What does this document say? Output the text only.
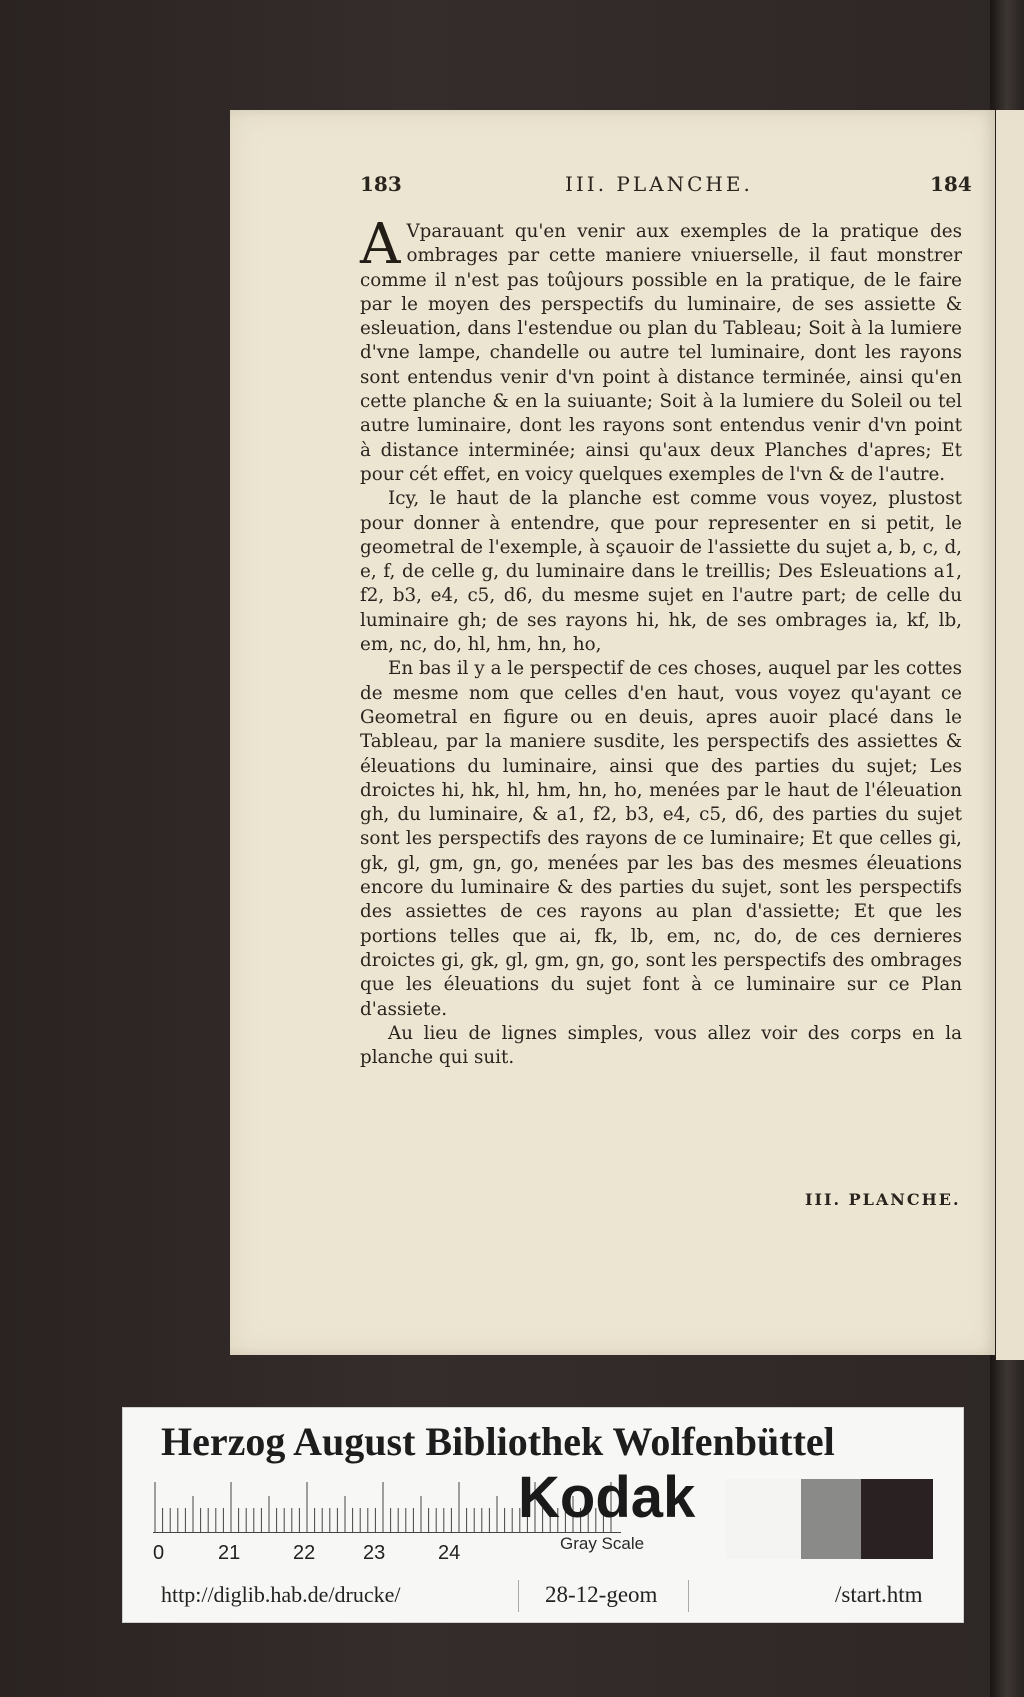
183	III. PLANCHE.	184

A Vparauant qu'en venir aux exemples de la pratique des ombrages par cette maniere vniuerselle, il faut monstrer comme il n'est pas toûjours possible en la pratique, de le faire par le moyen des perspectifs du luminaire, de ses assiette & esleuation, dans l'estendue ou plan du Tableau; Soit à la lumiere d'vne lampe, chandelle ou autre tel luminaire, dont les rayons sont entendus venir d'vn point à distance terminée, ainsi qu'en cette planche & en la suiuante; Soit à la lumiere du Soleil ou tel autre luminaire, dont les rayons sont entendus venir d'vn point à distance interminée; ainsi qu'aux deux Planches d'apres; Et pour cét effet, en voicy quelques exemples de l'vn & de l'autre.

Icy, le haut de la planche est comme vous voyez, plustost pour donner à entendre, que pour representer en si petit, le geometral de l'exemple, à sçauoir de l'assiette du sujet a, b, c, d, e, f, de celle g, du luminaire dans le treillis; Des Esleuations a1, f2, b3, e4, c5, d6, du mesme sujet en l'autre part; de celle du luminaire gh; de ses rayons hi, hk, de ses ombrages ia, kf, lb, em, nc, do, hl, hm, hn, ho,

En bas il y a le perspectif de ces choses, auquel par les cottes de mesme nom que celles d'en haut, vous voyez qu'ayant ce Geometral en figure ou en deuis, apres auoir placé dans le Tableau, par la maniere susdite, les perspectifs des assiettes & éleuations du luminaire, ainsi que des parties du sujet; Les droictes hi, hk, hl, hm, hn, ho, menées par le haut de l'éleuation gh, du luminaire, & a1, f2, b3, e4, c5, d6, des parties du sujet sont les perspectifs des rayons de ce luminaire; Et que celles gi, gk, gl, gm, gn, go, menées par les bas des mesmes éleuations encore du luminaire & des parties du sujet, sont les perspectifs des assiettes de ces rayons au plan d'assiette; Et que les portions telles que ai, fk, lb, em, nc, do, de ces dernieres droictes gi, gk, gl, gm, gn, go, sont les perspectifs des ombrages que les éleuations du sujet font à ce luminaire sur ce Plan d'assiete.

Au lieu de lignes simples, vous allez voir des corps en la planche qui suit.

III. PLANCHE.
Herzog August Bibliothek Wolfenbüttel
0	21	22 23	24
Kodak
Gray Scale
http://diglib.hab.de/drucke/	28-12-geom	/start.htm
